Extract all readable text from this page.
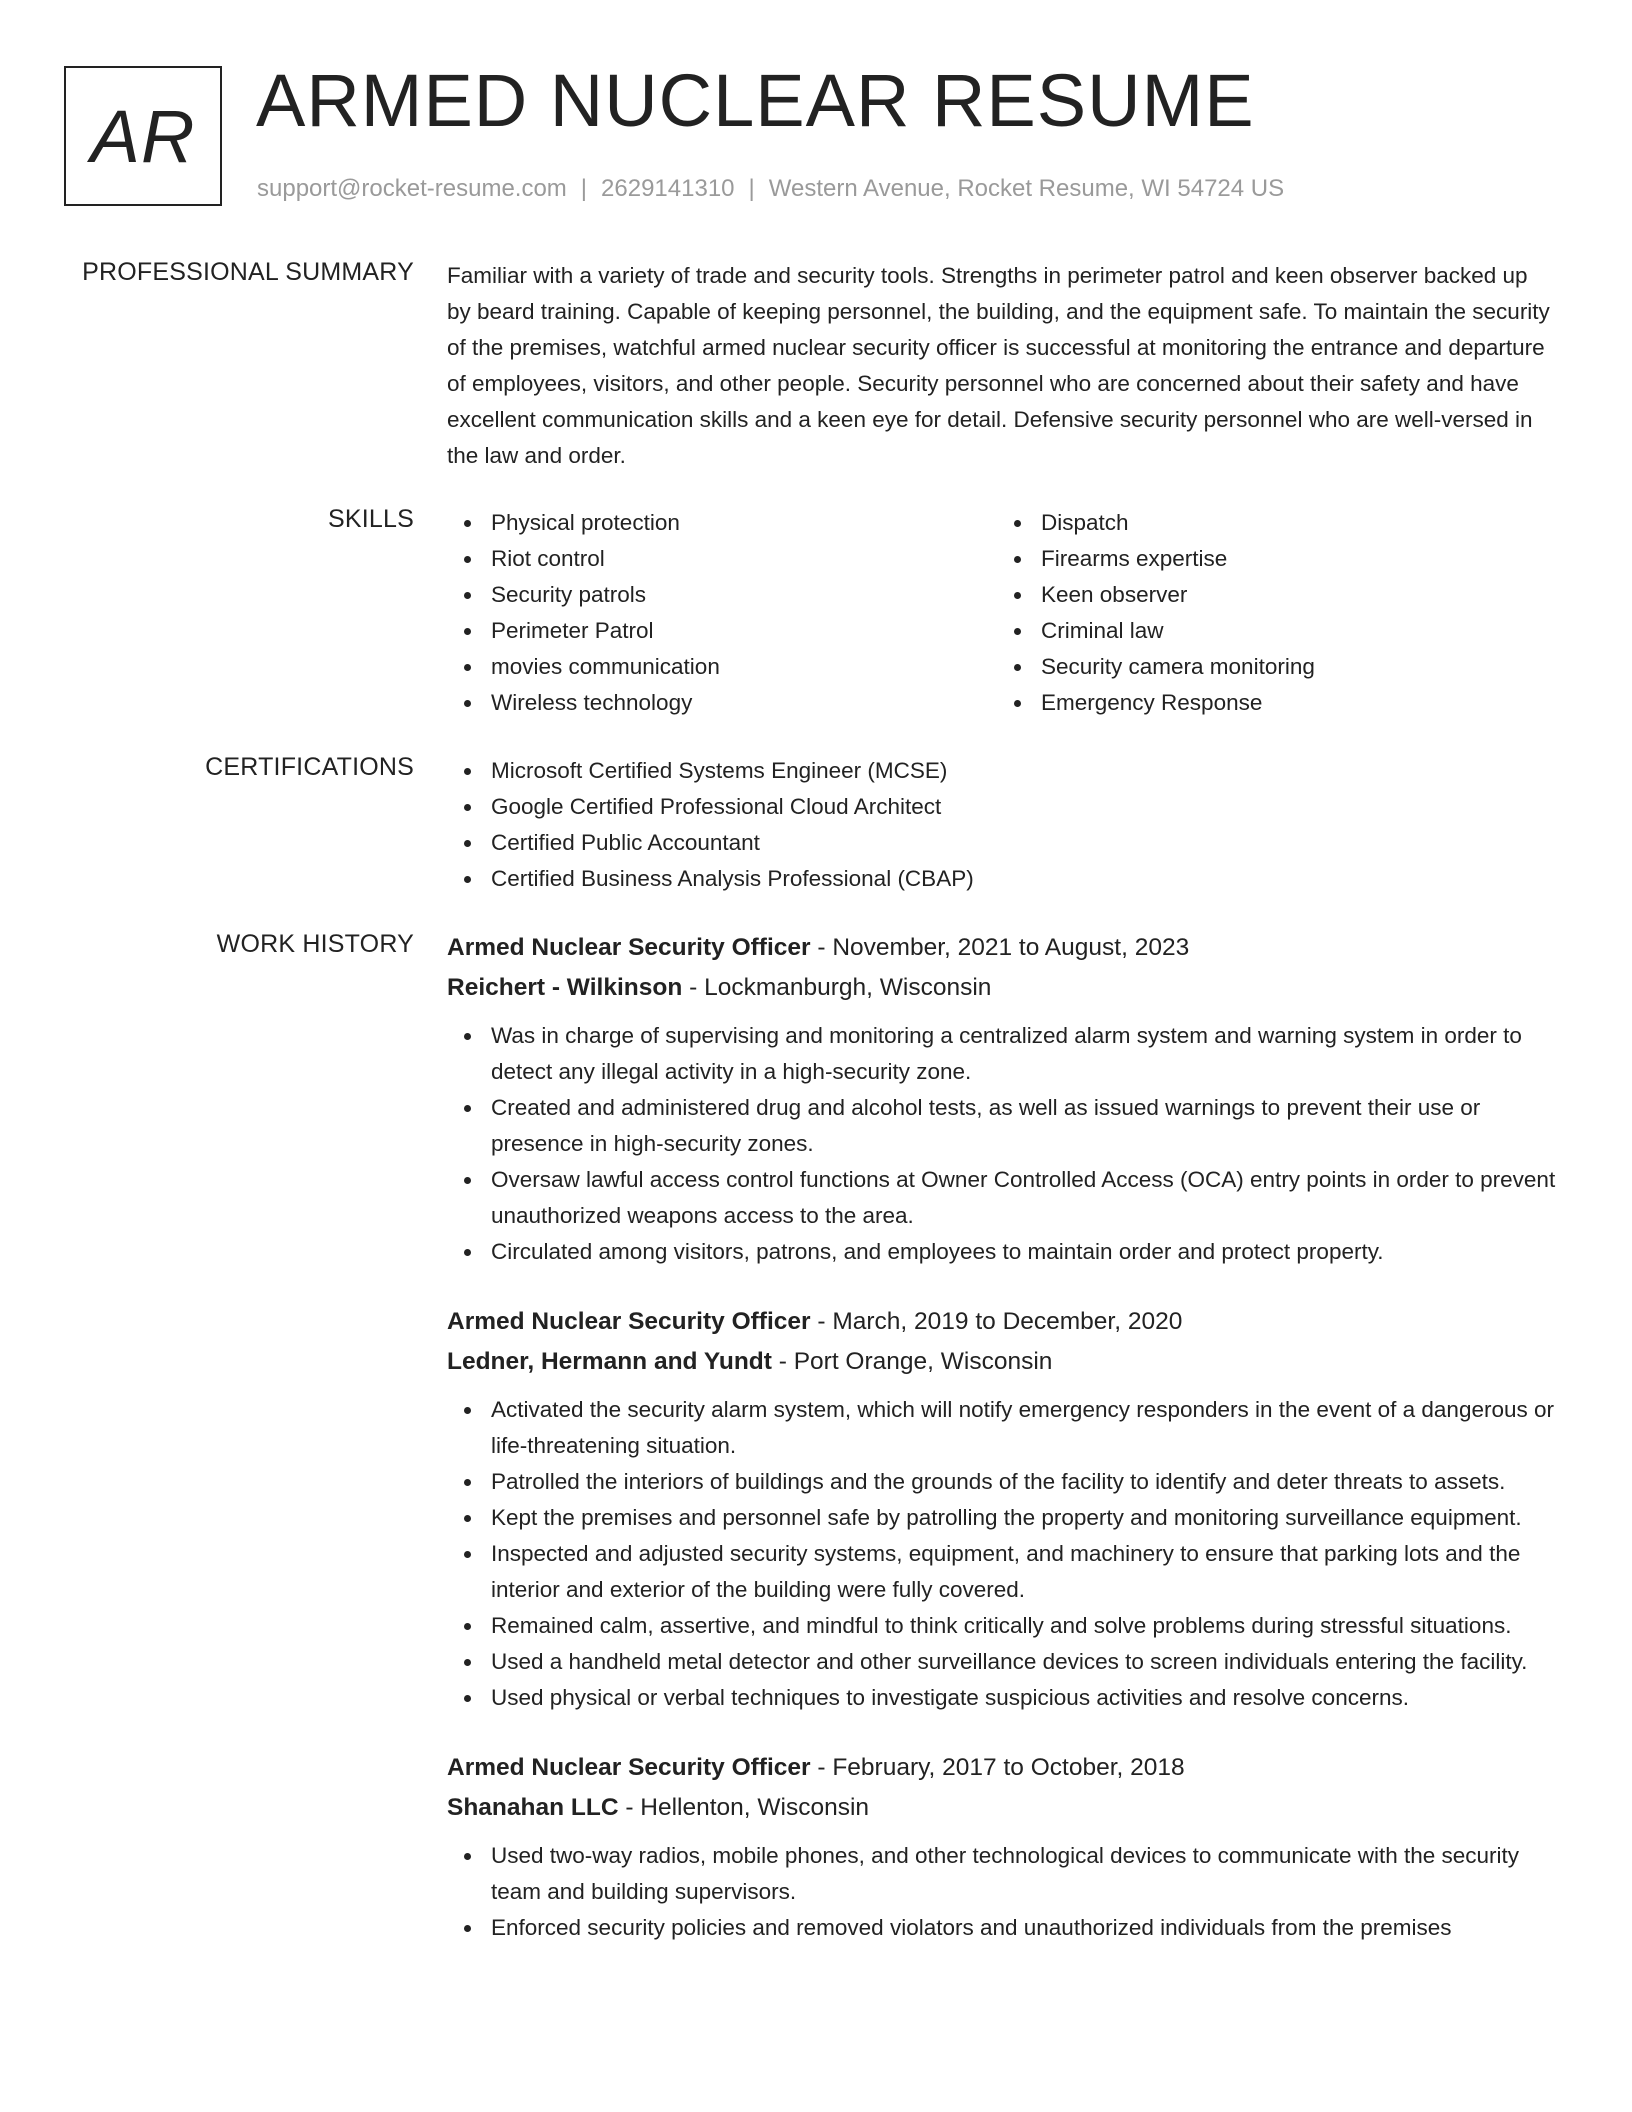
AR ARMED NUCLEAR RESUME
support@rocket-resume.com | 2629141310 | Western Avenue, Rocket Resume, WI 54724 US
PROFESSIONAL SUMMARY Familiar with a variety of trade and security tools. Strengths in perimeter patrol and keen observer backed up by beard training. Capable of keeping personnel, the building, and the equipment safe. To maintain the security of the premises, watchful armed nuclear security officer is successful at monitoring the entrance and departure of employees, visitors, and other people. Security personnel who are concerned about their safety and have excellent communication skills and a keen eye for detail. Defensive security personnel who are well-versed in the law and order.
SKILLS	Physical protection
Riot control
Security patrols
Perimeter Patrol
movies communication
Wireless technology
Dispatch
Firearms expertise
Keen observer
Criminal law
Security camera monitoring
Emergency Response
CERTIFICATIONS	Microsoft Certified Systems Engineer (MCSE)
Google Certified Professional Cloud Architect
Certified Public Accountant
Certified Business Analysis Professional (CBAP)
WORK HISTORY Armed Nuclear Security Officer - November, 2021 to August, 2023
Reichert - Wilkinson - Lockmanburgh, Wisconsin
Was in charge of supervising and monitoring a centralized alarm system and warning system in order to detect any illegal activity in a high-security zone.
Created and administered drug and alcohol tests, as well as issued warnings to prevent their use or presence in high-security zones.
Oversaw lawful access control functions at Owner Controlled Access (OCA) entry points in order to prevent unauthorized weapons access to the area.
Circulated among visitors, patrons, and employees to maintain order and protect property.
Armed Nuclear Security Officer - March, 2019 to December, 2020
Ledner, Hermann and Yundt - Port Orange, Wisconsin
Activated the security alarm system, which will notify emergency responders in the event of a dangerous or life-threatening situation.
Patrolled the interiors of buildings and the grounds of the facility to identify and deter threats to assets.
Kept the premises and personnel safe by patrolling the property and monitoring surveillance equipment.
Inspected and adjusted security systems, equipment, and machinery to ensure that parking lots and the interior and exterior of the building were fully covered.
Remained calm, assertive, and mindful to think critically and solve problems during stressful situations.
Used a handheld metal detector and other surveillance devices to screen individuals entering the facility.
Used physical or verbal techniques to investigate suspicious activities and resolve concerns.
Armed Nuclear Security Officer - February, 2017 to October, 2018
Shanahan LLC - Hellenton, Wisconsin
Used two-way radios, mobile phones, and other technological devices to communicate with the security team and building supervisors.
Enforced security policies and removed violators and unauthorized individuals from the premises
